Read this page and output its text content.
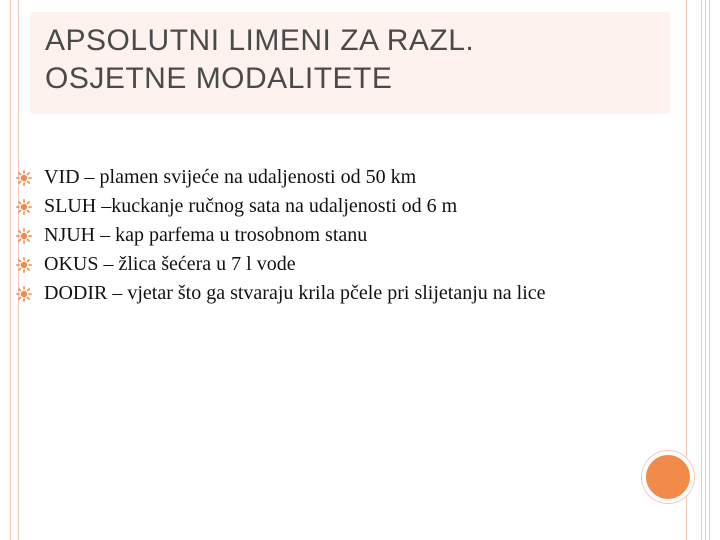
APSOLUTNI LIMENI ZA RAZL.
OSJETNE MODALITETE
VID – plamen svijeće na udaljenosti od 50 km
SLUH –kuckanje ručnog sata na udaljenosti od 6 m
NJUH – kap parfema u trosobnom stanu
OKUS – žlica šećera u 7 l vode
DODIR – vjetar što ga stvaraju krila pčele pri slijetanju na lice
